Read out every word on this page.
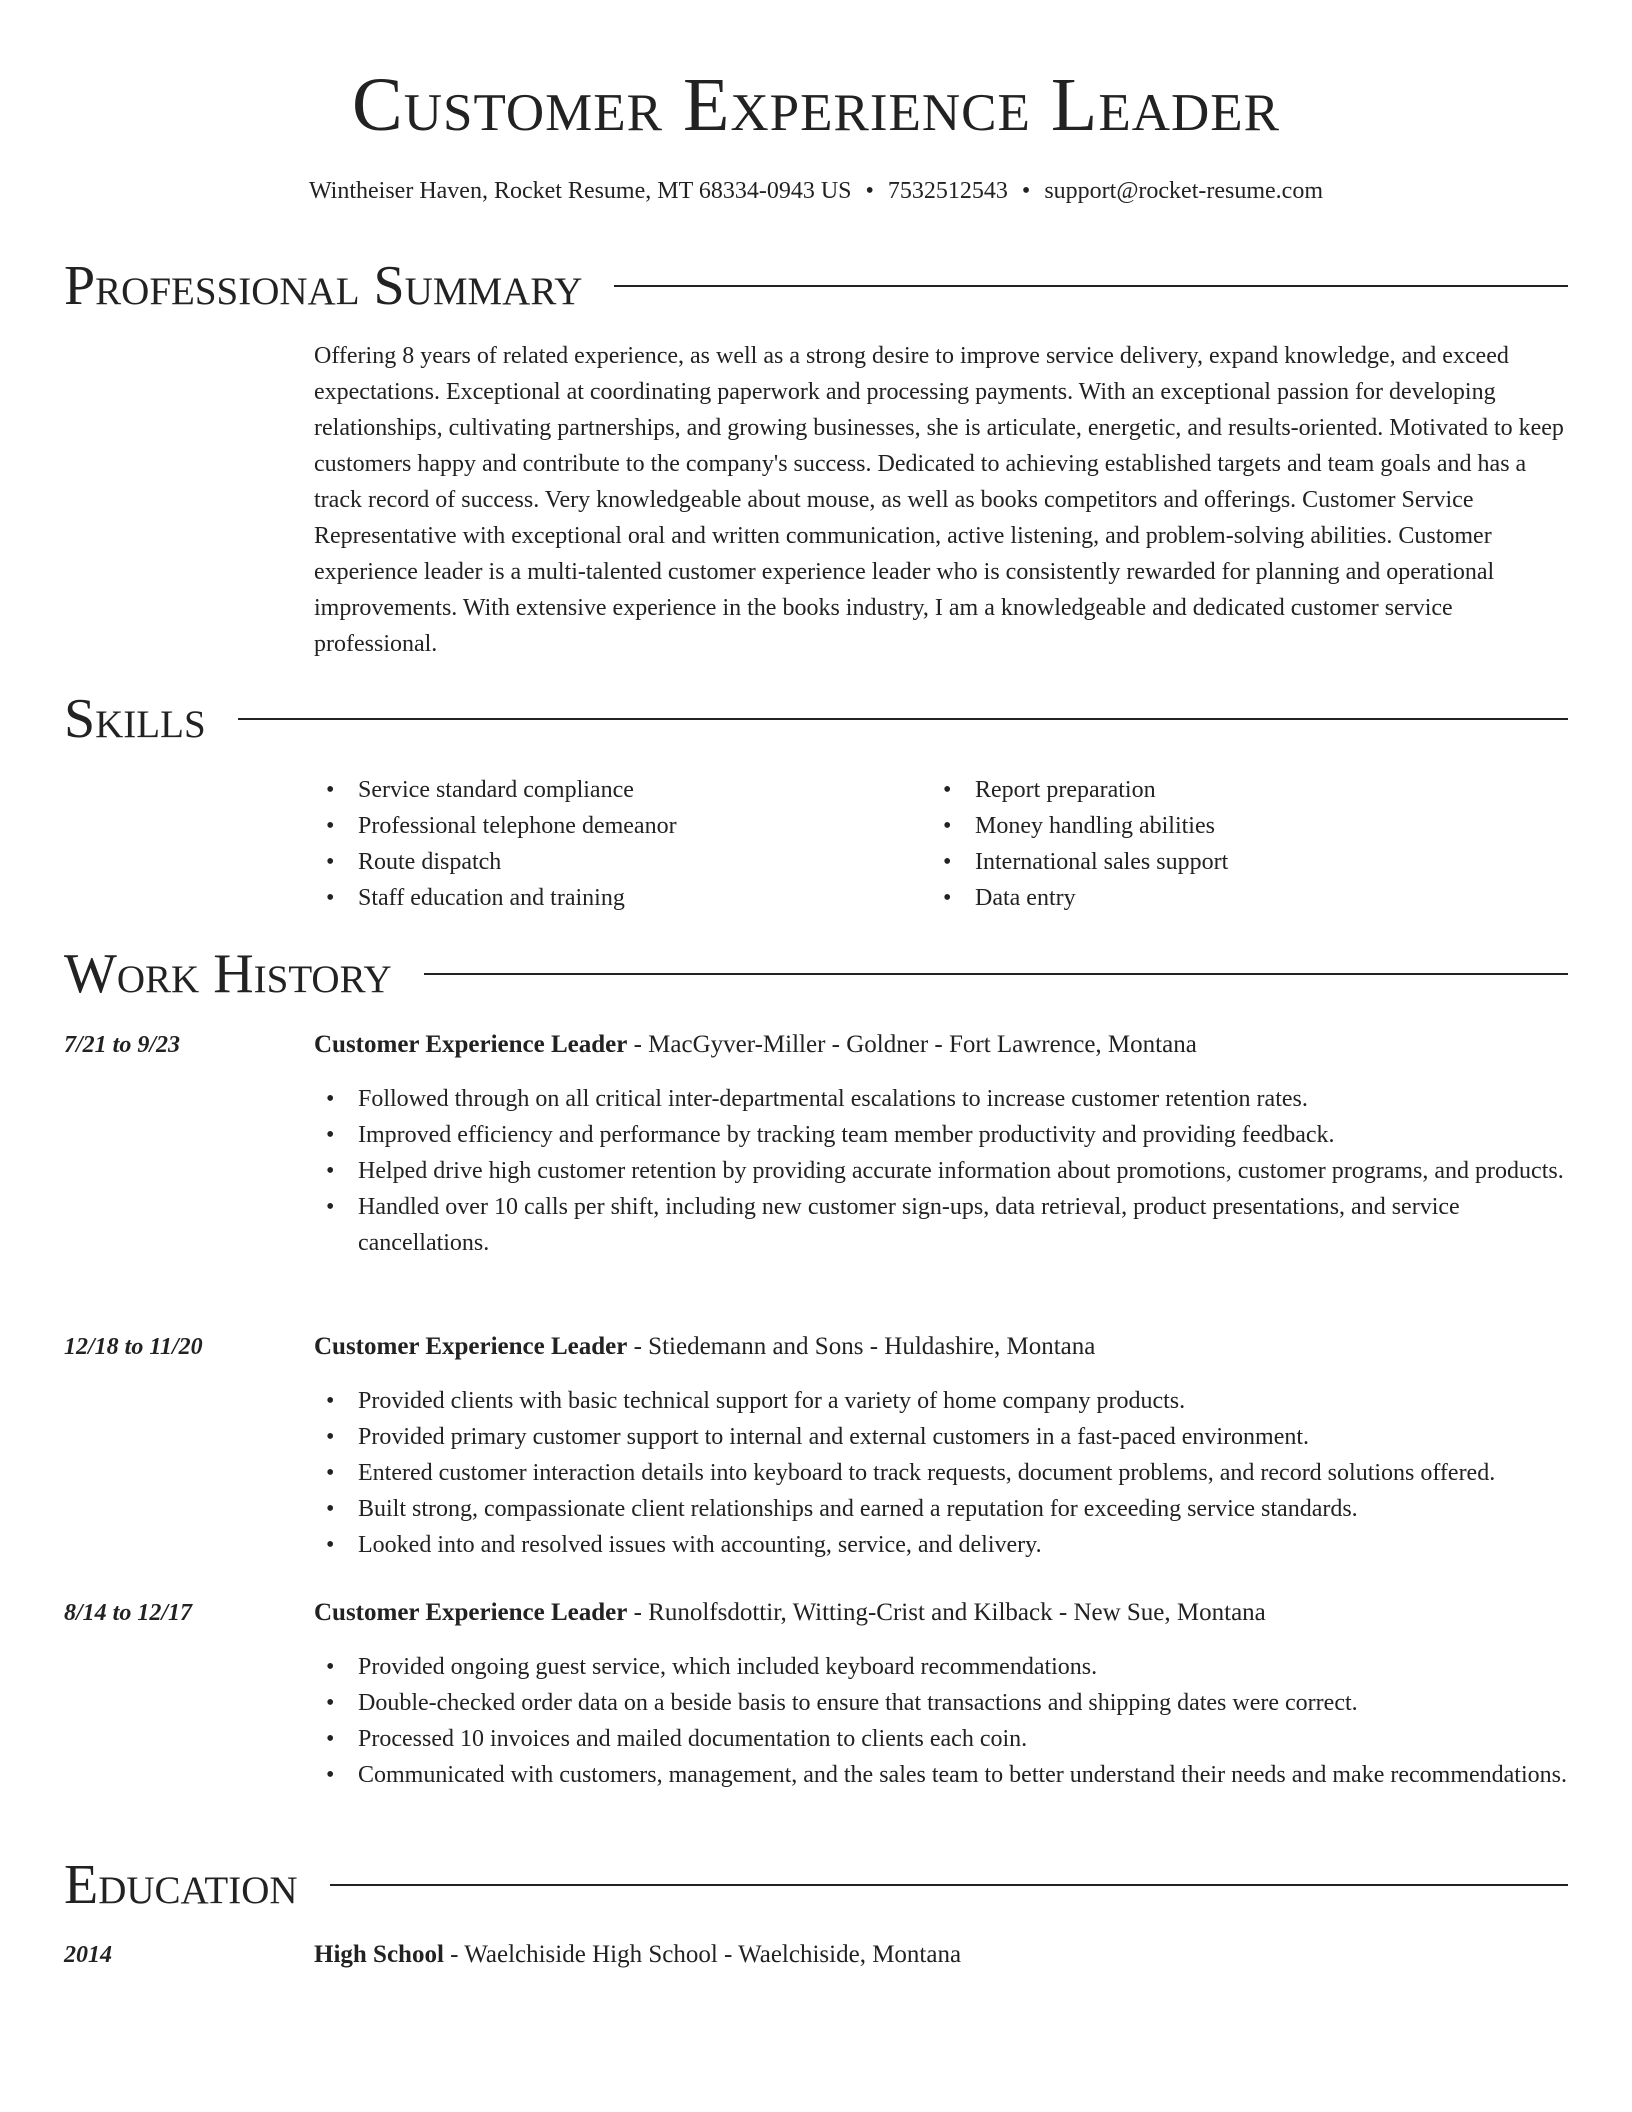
Customer Experience Leader
Wintheiser Haven, Rocket Resume, MT 68334-0943 US • 7532512543 • support@rocket-resume.com
Professional Summary

Offering 8 years of related experience, as well as a strong desire to improve service delivery, expand knowledge, and exceed expectations. Exceptional at coordinating paperwork and processing payments. With an exceptional passion for developing relationships, cultivating partnerships, and growing businesses, she is articulate, energetic, and results-oriented. Motivated to keep customers happy and contribute to the company's success. Dedicated to achieving established targets and team goals and has a track record of success. Very knowledgeable about mouse, as well as books competitors and offerings. Customer Service Representative with exceptional oral and written communication, active listening, and problem-solving abilities. Customer experience leader is a multi-talented customer experience leader who is consistently rewarded for planning and operational improvements. With extensive experience in the books industry, I am a knowledgeable and dedicated customer service professional.

Skills
• Service standard compliance
• Professional telephone demeanor
• Route dispatch
• Staff education and training
• Report preparation
• Money handling abilities
• International sales support
• Data entry
Work History
7/21 to 9/23	Customer Experience Leader - MacGyver-Miller - Goldner - Fort Lawrence, Montana
• Followed through on all critical inter-departmental escalations to increase customer retention rates.
• Improved efficiency and performance by tracking team member productivity and providing feedback.
• Helped drive high customer retention by providing accurate information about promotions, customer programs, and products.
• Handled over 10 calls per shift, including new customer sign-ups, data retrieval, product presentations, and service cancellations.
12/18 to 11/20	Customer Experience Leader - Stiedemann and Sons - Huldashire, Montana
• Provided clients with basic technical support for a variety of home company products.
• Provided primary customer support to internal and external customers in a fast-paced environment.
• Entered customer interaction details into keyboard to track requests, document problems, and record solutions offered.
• Built strong, compassionate client relationships and earned a reputation for exceeding service standards.
• Looked into and resolved issues with accounting, service, and delivery.
8/14 to 12/17	Customer Experience Leader - Runolfsdottir, Witting-Crist and Kilback - New Sue, Montana
• Provided ongoing guest service, which included keyboard recommendations.
• Double-checked order data on a beside basis to ensure that transactions and shipping dates were correct.
• Processed 10 invoices and mailed documentation to clients each coin.
• Communicated with customers, management, and the sales team to better understand their needs and make recommendations.
Education
2014	High School - Waelchiside High School - Waelchiside, Montana
